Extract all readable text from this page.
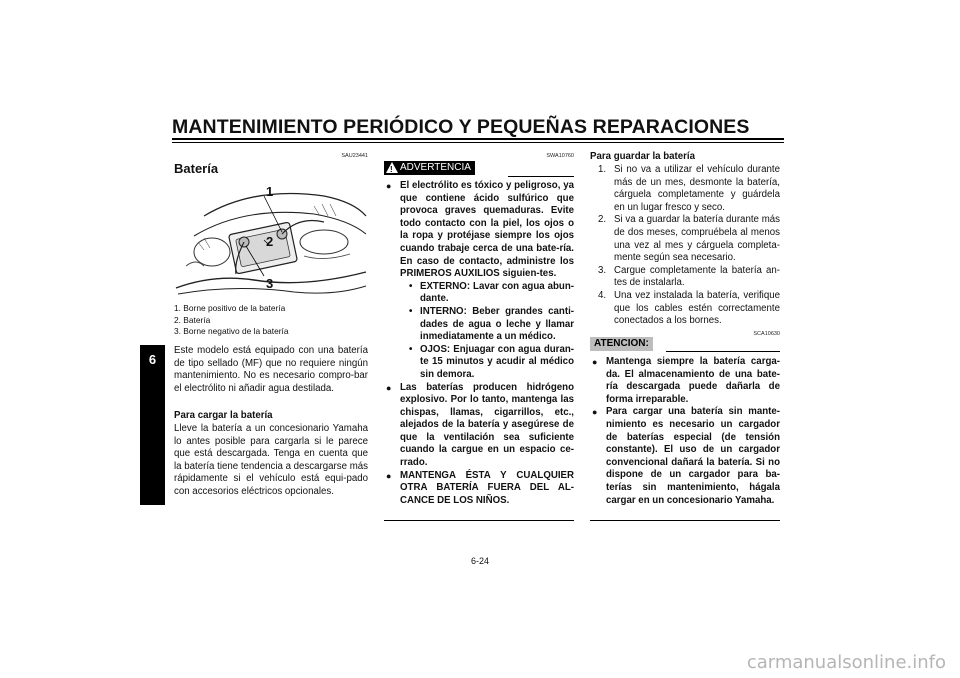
MANTENIMIENTO PERIÓDICO Y PEQUEÑAS REPARACIONES
6
SAU23441
Batería
1
2
3
1. Borne positivo de la batería
2. Batería
3. Borne negativo de la batería
Este modelo está equipado con una batería de tipo sellado (MF) que no requiere ningún mantenimiento. No es necesario compro-bar el electrólito ni añadir agua destilada.
Para cargar la batería
Lleve la batería a un concesionario Yamaha lo antes posible para cargarla si le parece que está descargada. Tenga en cuenta que la batería tiene tendencia a descargarse más rápidamente si el vehículo está equi-pado con accesorios eléctricos opcionales.
SWA10760
! ADVERTENCIA
● El electrólito es tóxico y peligroso, ya que contiene ácido sulfúrico que provoca graves quemaduras. Evite todo contacto con la piel, los ojos o la ropa y protéjase siempre los ojos cuando trabaje cerca de una bate-ría. En caso de contacto, administre los PRIMEROS AUXILIOS siguien-tes.
• EXTERNO: Lavar con agua abun-dante.
• INTERNO: Beber grandes canti-dades de agua o leche y llamar inmediatamente a un médico.
• OJOS: Enjuagar con agua duran-te 15 minutos y acudir al médico sin demora.
● Las baterías producen hidrógeno explosivo. Por lo tanto, mantenga las chispas, llamas, cigarrillos, etc., alejados de la batería y asegúrese de que la ventilación sea suficiente cuando la cargue en un espacio ce-rrado.
● MANTENGA ÉSTA Y CUALQUIER OTRA BATERÍA FUERA DEL AL-CANCE DE LOS NIÑOS.
Para guardar la batería
1. Si no va a utilizar el vehículo durante más de un mes, desmonte la batería, cárguela completamente y guárdela en un lugar fresco y seco.
2. Si va a guardar la batería durante más de dos meses, compruébela al menos una vez al mes y cárguela completa-mente según sea necesario.
3. Cargue completamente la batería an-tes de instalarla.
4. Una vez instalada la batería, verifique que los cables estén correctamente conectados a los bornes.
SCA10630
ATENCION:
● Mantenga siempre la batería carga-da. El almacenamiento de una bate-ría descargada puede dañarla de forma irreparable.
● Para cargar una batería sin mante-nimiento es necesario un cargador de baterías especial (de tensión constante). El uso de un cargador convencional dañará la batería. Si no dispone de un cargador para ba-terías sin mantenimiento, hágala cargar en un concesionario Yamaha.
6-24
carmanualsonline.info
